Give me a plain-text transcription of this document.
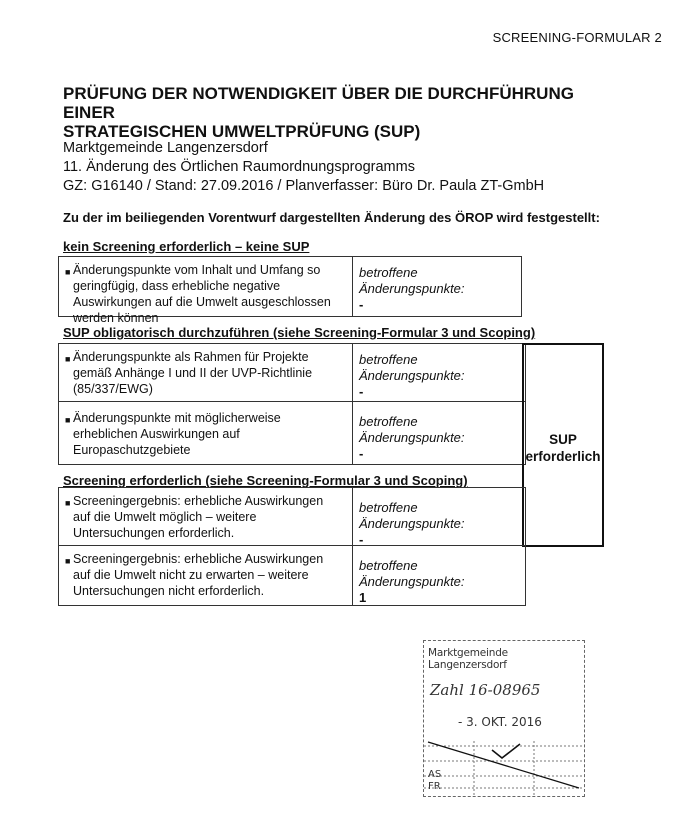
SCREENING-FORMULAR 2
PRÜFUNG DER NOTWENDIGKEIT ÜBER DIE DURCHFÜHRUNG EINER
STRATEGISCHEN UMWELTPRÜFUNG (SUP)
Marktgemeinde Langenzersdorf
11. Änderung des Örtlichen Raumordnungsprogramms
GZ: G16140 / Stand: 27.09.2016 / Planverfasser: Büro Dr. Paula ZT-GmbH
Zu der im beiliegenden Vorentwurf dargestellten Änderung des ÖROP wird festgestellt:
kein Screening erforderlich – keine SUP
■ Änderungspunkte vom Inhalt und Umfang so geringfügig, dass erhebliche negative Auswirkungen auf die Umwelt ausgeschlossen werden können
betroffene Änderungspunkte:
-
SUP obligatorisch durchzuführen (siehe Screening-Formular 3 und Scoping)
■ Änderungspunkte als Rahmen für Projekte gemäß Anhänge I und II der UVP-Richtlinie (85/337/EWG)
betroffene Änderungspunkte:
-
■ Änderungspunkte mit möglicherweise erheblichen Auswirkungen auf Europaschutzgebiete
betroffene Änderungspunkte:
-
SUP
erforderlich
Screening erforderlich (siehe Screening-Formular 3 und Scoping)
■ Screeningergebnis: erhebliche Auswirkungen auf die Umwelt möglich – weitere Untersuchungen erforderlich.
betroffene Änderungspunkte:
-
■ Screeningergebnis: erhebliche Auswirkungen auf die Umwelt nicht zu erwarten – weitere Untersuchungen nicht erforderlich.
betroffene Änderungspunkte:
1
Marktgemeinde Langenzersdorf
Zahl 16-08965
- 3. OKT. 2016
AS
FR
